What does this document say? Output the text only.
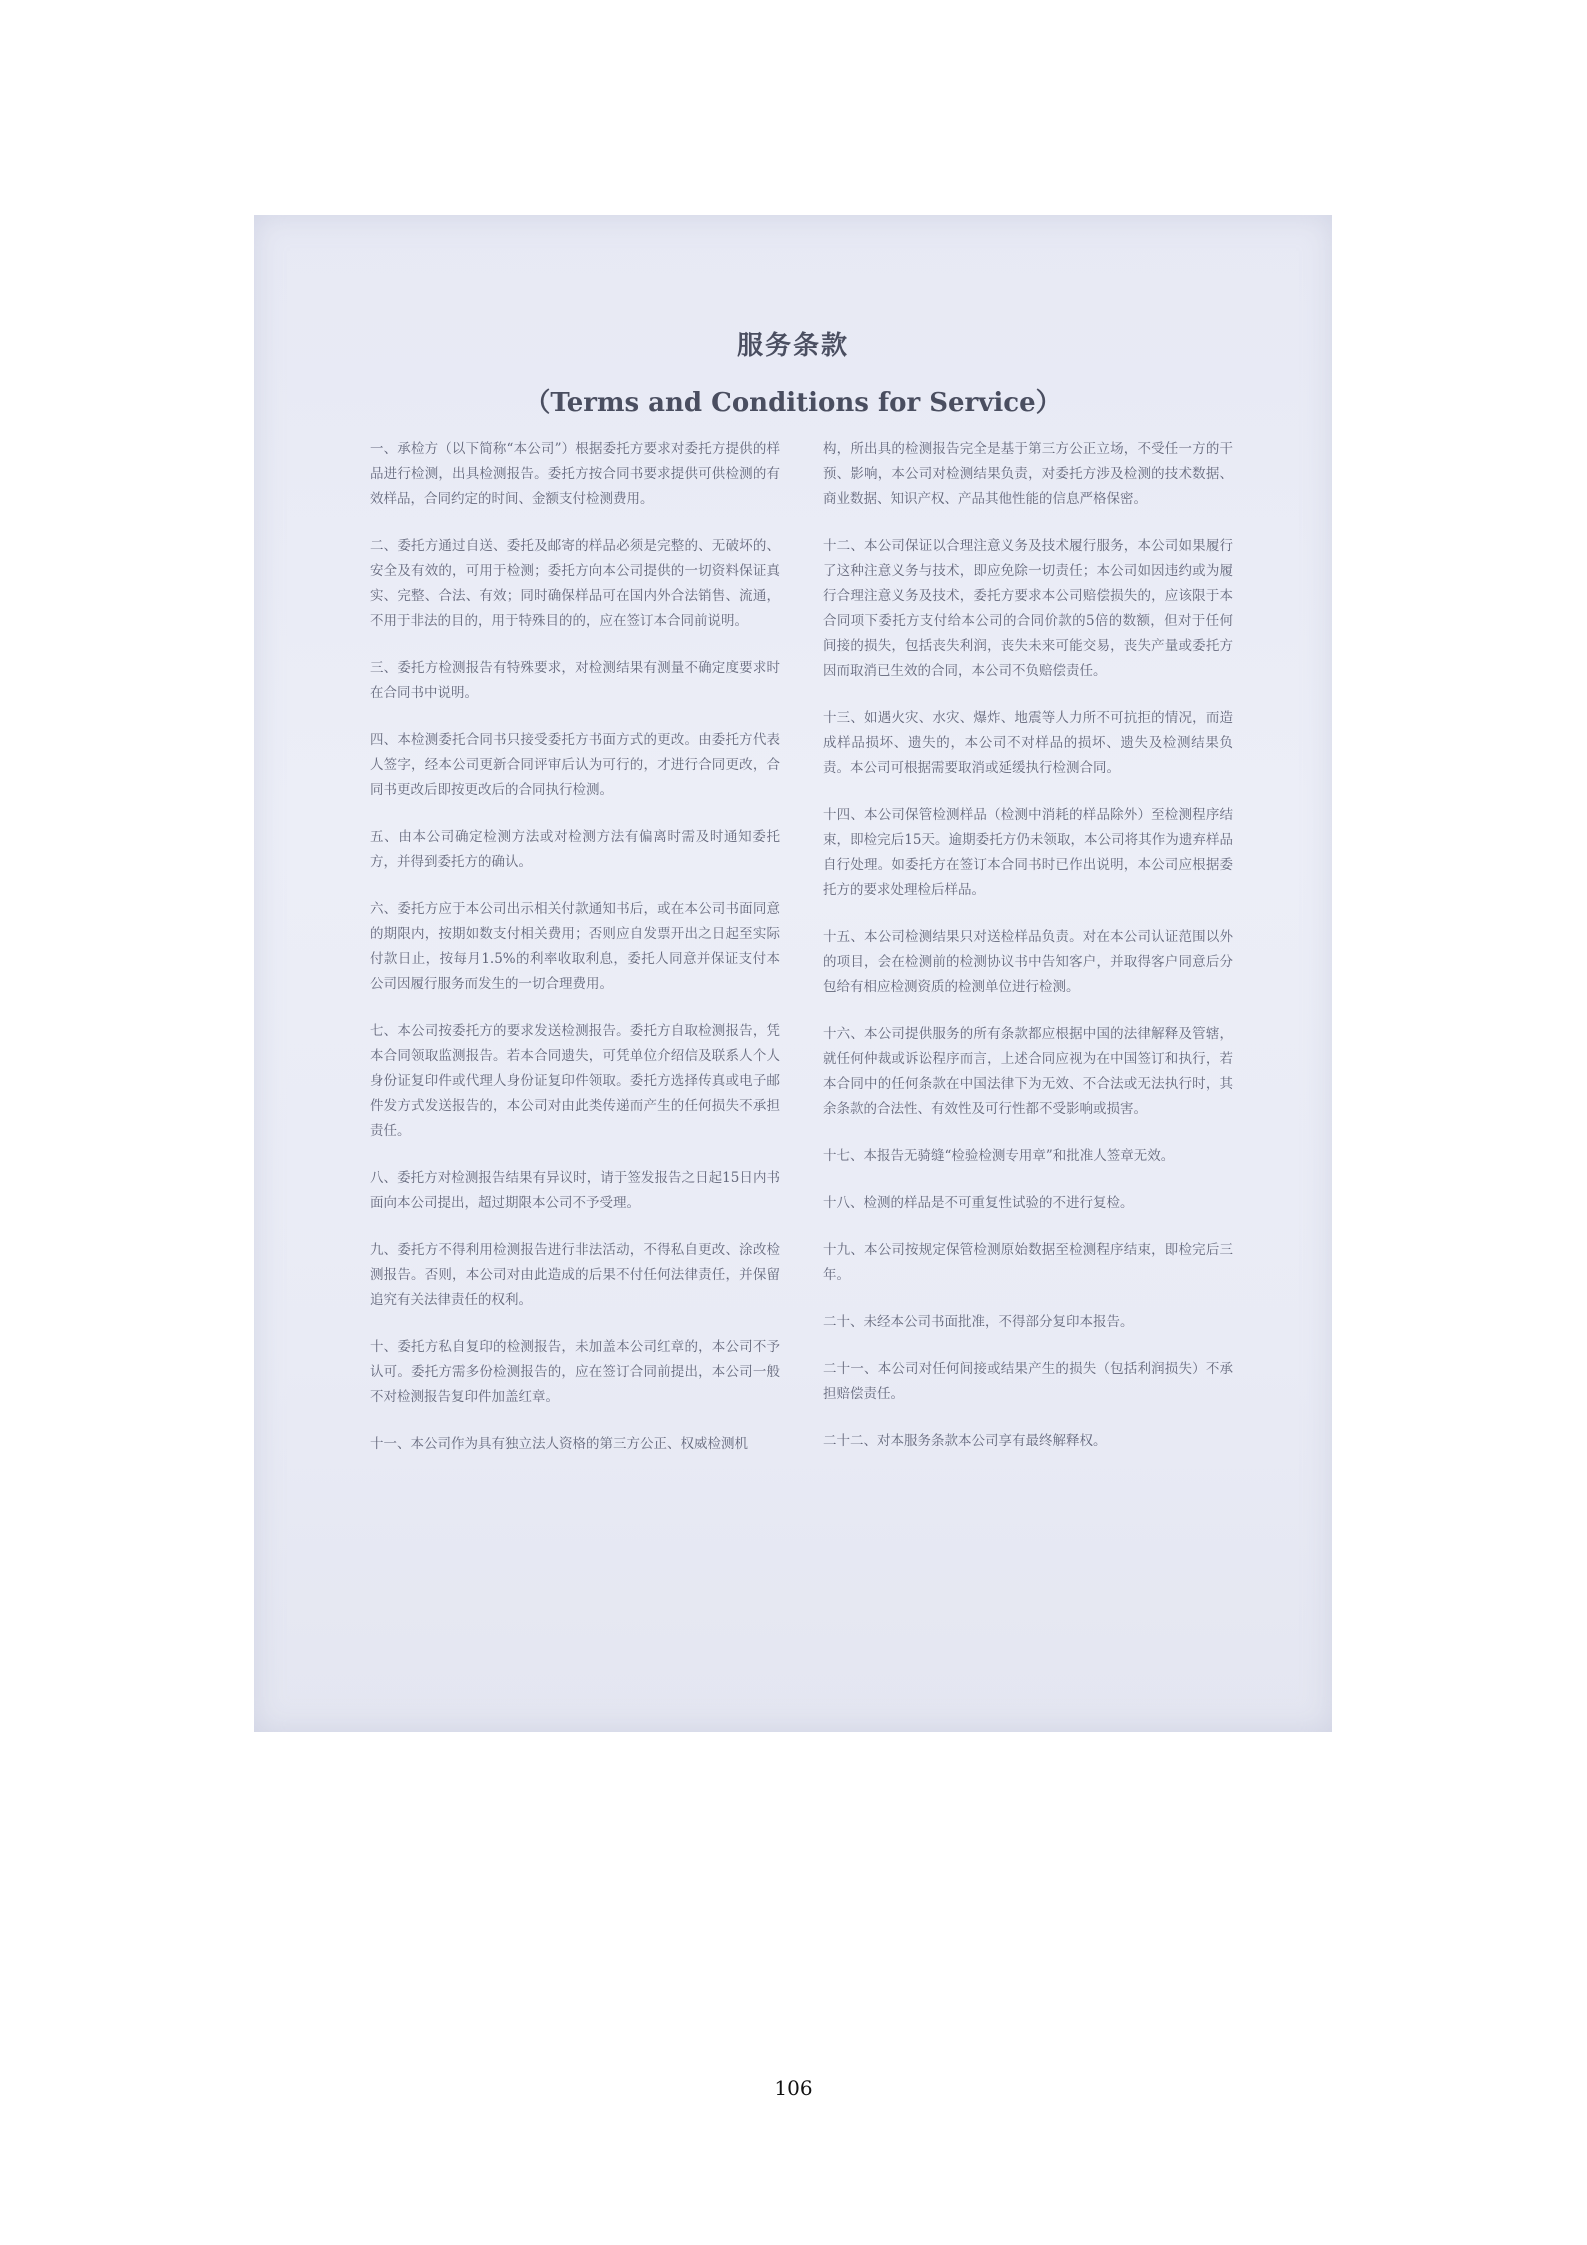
服务条款
（Terms and Conditions for Service）

一、承检方（以下简称“本公司”）根据委托方要求对委托方提供的样品进行检测，出具检测报告。委托方按合同书要求提供可供检测的有效样品，合同约定的时间、金额支付检测费用。

二、委托方通过自送、委托及邮寄的样品必须是完整的、无破坏的、安全及有效的，可用于检测；委托方向本公司提供的一切资料保证真实、完整、合法、有效；同时确保样品可在国内外合法销售、流通，不用于非法的目的，用于特殊目的的，应在签订本合同前说明。

三、委托方检测报告有特殊要求，对检测结果有测量不确定度要求时在合同书中说明。

四、本检测委托合同书只接受委托方书面方式的更改。由委托方代表人签字，经本公司更新合同评审后认为可行的，才进行合同更改，合同书更改后即按更改后的合同执行检测。

五、由本公司确定检测方法或对检测方法有偏离时需及时通知委托方，并得到委托方的确认。

六、委托方应于本公司出示相关付款通知书后，或在本公司书面同意的期限内，按期如数支付相关费用；否则应自发票开出之日起至实际付款日止，按每月1.5%的利率收取利息，委托人同意并保证支付本公司因履行服务而发生的一切合理费用。

七、本公司按委托方的要求发送检测报告。委托方自取检测报告，凭本合同领取监测报告。若本合同遗失，可凭单位介绍信及联系人个人身份证复印件或代理人身份证复印件领取。委托方选择传真或电子邮件发方式发送报告的，本公司对由此类传递而产生的任何损失不承担责任。

八、委托方对检测报告结果有异议时，请于签发报告之日起15日内书面向本公司提出，超过期限本公司不予受理。

九、委托方不得利用检测报告进行非法活动，不得私自更改、涂改检测报告。否则，本公司对由此造成的后果不付任何法律责任，并保留追究有关法律责任的权利。

十、委托方私自复印的检测报告，未加盖本公司红章的，本公司不予认可。委托方需多份检测报告的，应在签订合同前提出，本公司一般不对检测报告复印件加盖红章。

十一、本公司作为具有独立法人资格的第三方公正、权威检测机

构，所出具的检测报告完全是基于第三方公正立场，不受任一方的干预、影响，本公司对检测结果负责，对委托方涉及检测的技术数据、商业数据、知识产权、产品其他性能的信息严格保密。

十二、本公司保证以合理注意义务及技术履行服务，本公司如果履行了这种注意义务与技术，即应免除一切责任；本公司如因违约或为履行合理注意义务及技术，委托方要求本公司赔偿损失的，应该限于本合同项下委托方支付给本公司的合同价款的5倍的数额，但对于任何间接的损失，包括丧失利润，丧失未来可能交易，丧失产量或委托方因而取消已生效的合同，本公司不负赔偿责任。

十三、如遇火灾、水灾、爆炸、地震等人力所不可抗拒的情况，而造成样品损坏、遗失的，本公司不对样品的损坏、遗失及检测结果负责。本公司可根据需要取消或延缓执行检测合同。

十四、本公司保管检测样品（检测中消耗的样品除外）至检测程序结束，即检完后15天。逾期委托方仍未领取，本公司将其作为遗弃样品自行处理。如委托方在签订本合同书时已作出说明，本公司应根据委托方的要求处理检后样品。

十五、本公司检测结果只对送检样品负责。对在本公司认证范围以外的项目，会在检测前的检测协议书中告知客户，并取得客户同意后分包给有相应检测资质的检测单位进行检测。

十六、本公司提供服务的所有条款都应根据中国的法律解释及管辖，就任何仲裁或诉讼程序而言，上述合同应视为在中国签订和执行，若本合同中的任何条款在中国法律下为无效、不合法或无法执行时，其余条款的合法性、有效性及可行性都不受影响或损害。

十七、本报告无骑缝“检验检测专用章”和批准人签章无效。

十八、检测的样品是不可重复性试验的不进行复检。

十九、本公司按规定保管检测原始数据至检测程序结束，即检完后三年。

二十、未经本公司书面批准，不得部分复印本报告。

二十一、本公司对任何间接或结果产生的损失（包括利润损失）不承担赔偿责任。

二十二、对本服务条款本公司享有最终解释权。

106
